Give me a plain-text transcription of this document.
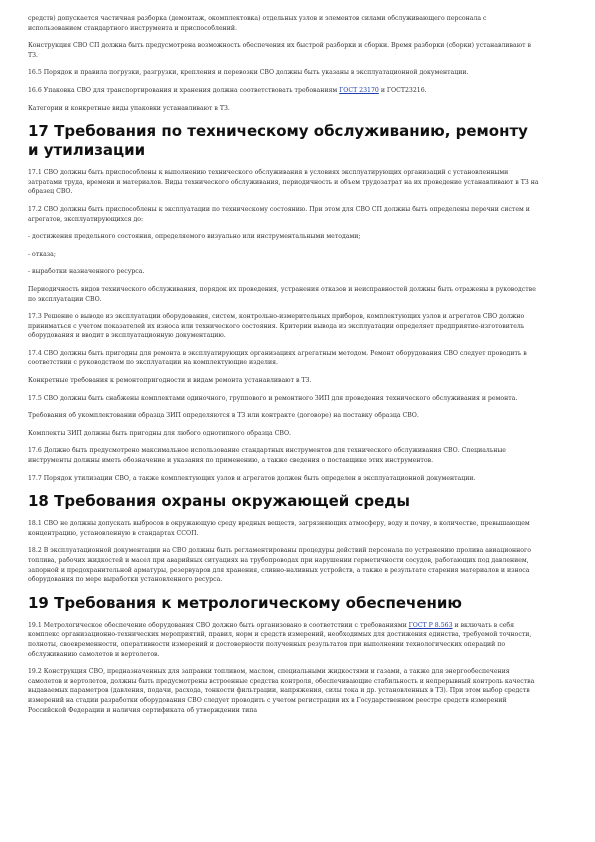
средств) допускается частичная разборка (демонтаж, окомплектовка) отдельных узлов и элементов силами обслуживающего персонала с использованием стандартного инструмента и приспособлений.

Конструкция СВО СП должна быть предусмотрена возможность обеспечения их быстрой разборки и сборки. Время разборки (сборки) устанавливают в ТЗ.

16.5 Порядок и правила погрузки, разгрузки, крепления и перевозки СВО должны быть указаны в эксплуатационной документации.

16.6 Упаковка СВО для транспортирования и хранения должна соответствовать требованиям ГОСТ 23170 и ГОСТ23216.

Категории и конкретные виды упаковки устанавливают в ТЗ.

17 Требования по техническому обслуживанию, ремонту и утилизации

17.1 СВО должны быть приспособлены к выполнению технического обслуживания в условиях эксплуатирующих организаций с установленными затратами труда, времени и материалов. Виды технического обслуживания, периодичность и объем трудозатрат на их проведение устанавливают в ТЗ на образец СВО.

17.2 СВО должны быть приспособлены к эксплуатации по техническому состоянию. При этом для СВО СП должны быть определены перечни систем и агрегатов, эксплуатирующихся до:

- достижения предельного состояния, определяемого визуально или инструментальными методами;

- отказа;

- выработки назначенного ресурса.

Периодичность видов технического обслуживания, порядок их проведения, устранения отказов и неисправностей должны быть отражены в руководстве по эксплуатации СВО.

17.3 Решение о выводе из эксплуатации оборудования, систем, контрольно-измерительных приборов, комплектующих узлов и агрегатов СВО должно приниматься с учетом показателей их износа или технического состояния. Критерии вывода из эксплуатации определяет предприятие-изготовитель оборудования и вводит в эксплуатационную документацию.

17.4 СВО должны быть пригодны для ремонта в эксплуатирующих организациях агрегатным методом. Ремонт оборудования СВО следует проводить в соответствии с руководством по эксплуатации на комплектующие изделия.

Конкретные требования к ремонтопригодности и видам ремонта устанавливают в ТЗ.

17.5 СВО должны быть снабжены комплектами одиночного, группового и ремонтного ЗИП для проведения технического обслуживания и ремонта.

Требования об укомплектовании образца ЗИП определяются в ТЗ или контракте (договоре) на поставку образца СВО.

Комплекты ЗИП должны быть пригодны для любого однотипного образца СВО.

17.6 Должно быть предусмотрено максимальное использование стандартных инструментов для технического обслуживания СВО. Специальные инструменты должны иметь обозначение и указания по применению, а также сведения о поставщике этих инструментов.

17.7 Порядок утилизации СВО, а также комплектующих узлов и агрегатов должен быть определен в эксплуатационной документации.

18 Требования охраны окружающей среды

18.1 СВО не должны допускать выбросов в окружающую среду вредных веществ, загрязняющих атмосферу, воду и почву, в количестве, превышающем концентрацию, установленную в стандартах ССОП.

18.2 В эксплуатационной документации на СВО должны быть регламентированы процедуры действий персонала по устранению пролива авиационного топлива, рабочих жидкостей и масел при аварийных ситуациях на трубопроводах при нарушении герметичности сосудов, работающих под давлением, запорной и предохранительной арматуры, резервуаров для хранения, сливно-наливных устройств, а также в результате старения материалов и износа оборудования по мере выработки установленного ресурса.

19 Требования к метрологическому обеспечению

19.1 Метрологическое обеспечение оборудования СВО должно быть организовано в соответствии с требованиями ГОСТ Р 8.563 и включать в себя комплекс организационно-технических мероприятий, правил, норм и средств измерений, необходимых для достижения единства, требуемой точности, полноты, своевременности, оперативности измерений и достоверности полученных результатов при выполнении технологических операций по обслуживанию самолетов и вертолетов.

19.2 Конструкция СВО, предназначенных для заправки топливом, маслом, специальными жидкостями и газами, а также для энергообеспечения самолетов и вертолетов, должны быть предусмотрены встроенные средства контроля, обеспечивающие стабильность и непрерывный контроль качества выдаваемых параметров (давления, подачи, расхода, тонкости фильтрации, напряжения, силы тока и др. установленных в ТЗ). При этом выбор средств измерений на стадии разработки оборудования СВО следует проводить с учетом регистрации их в Государственном реестре средств измерений Российской Федерации и наличия сертификата об утверждении типа
